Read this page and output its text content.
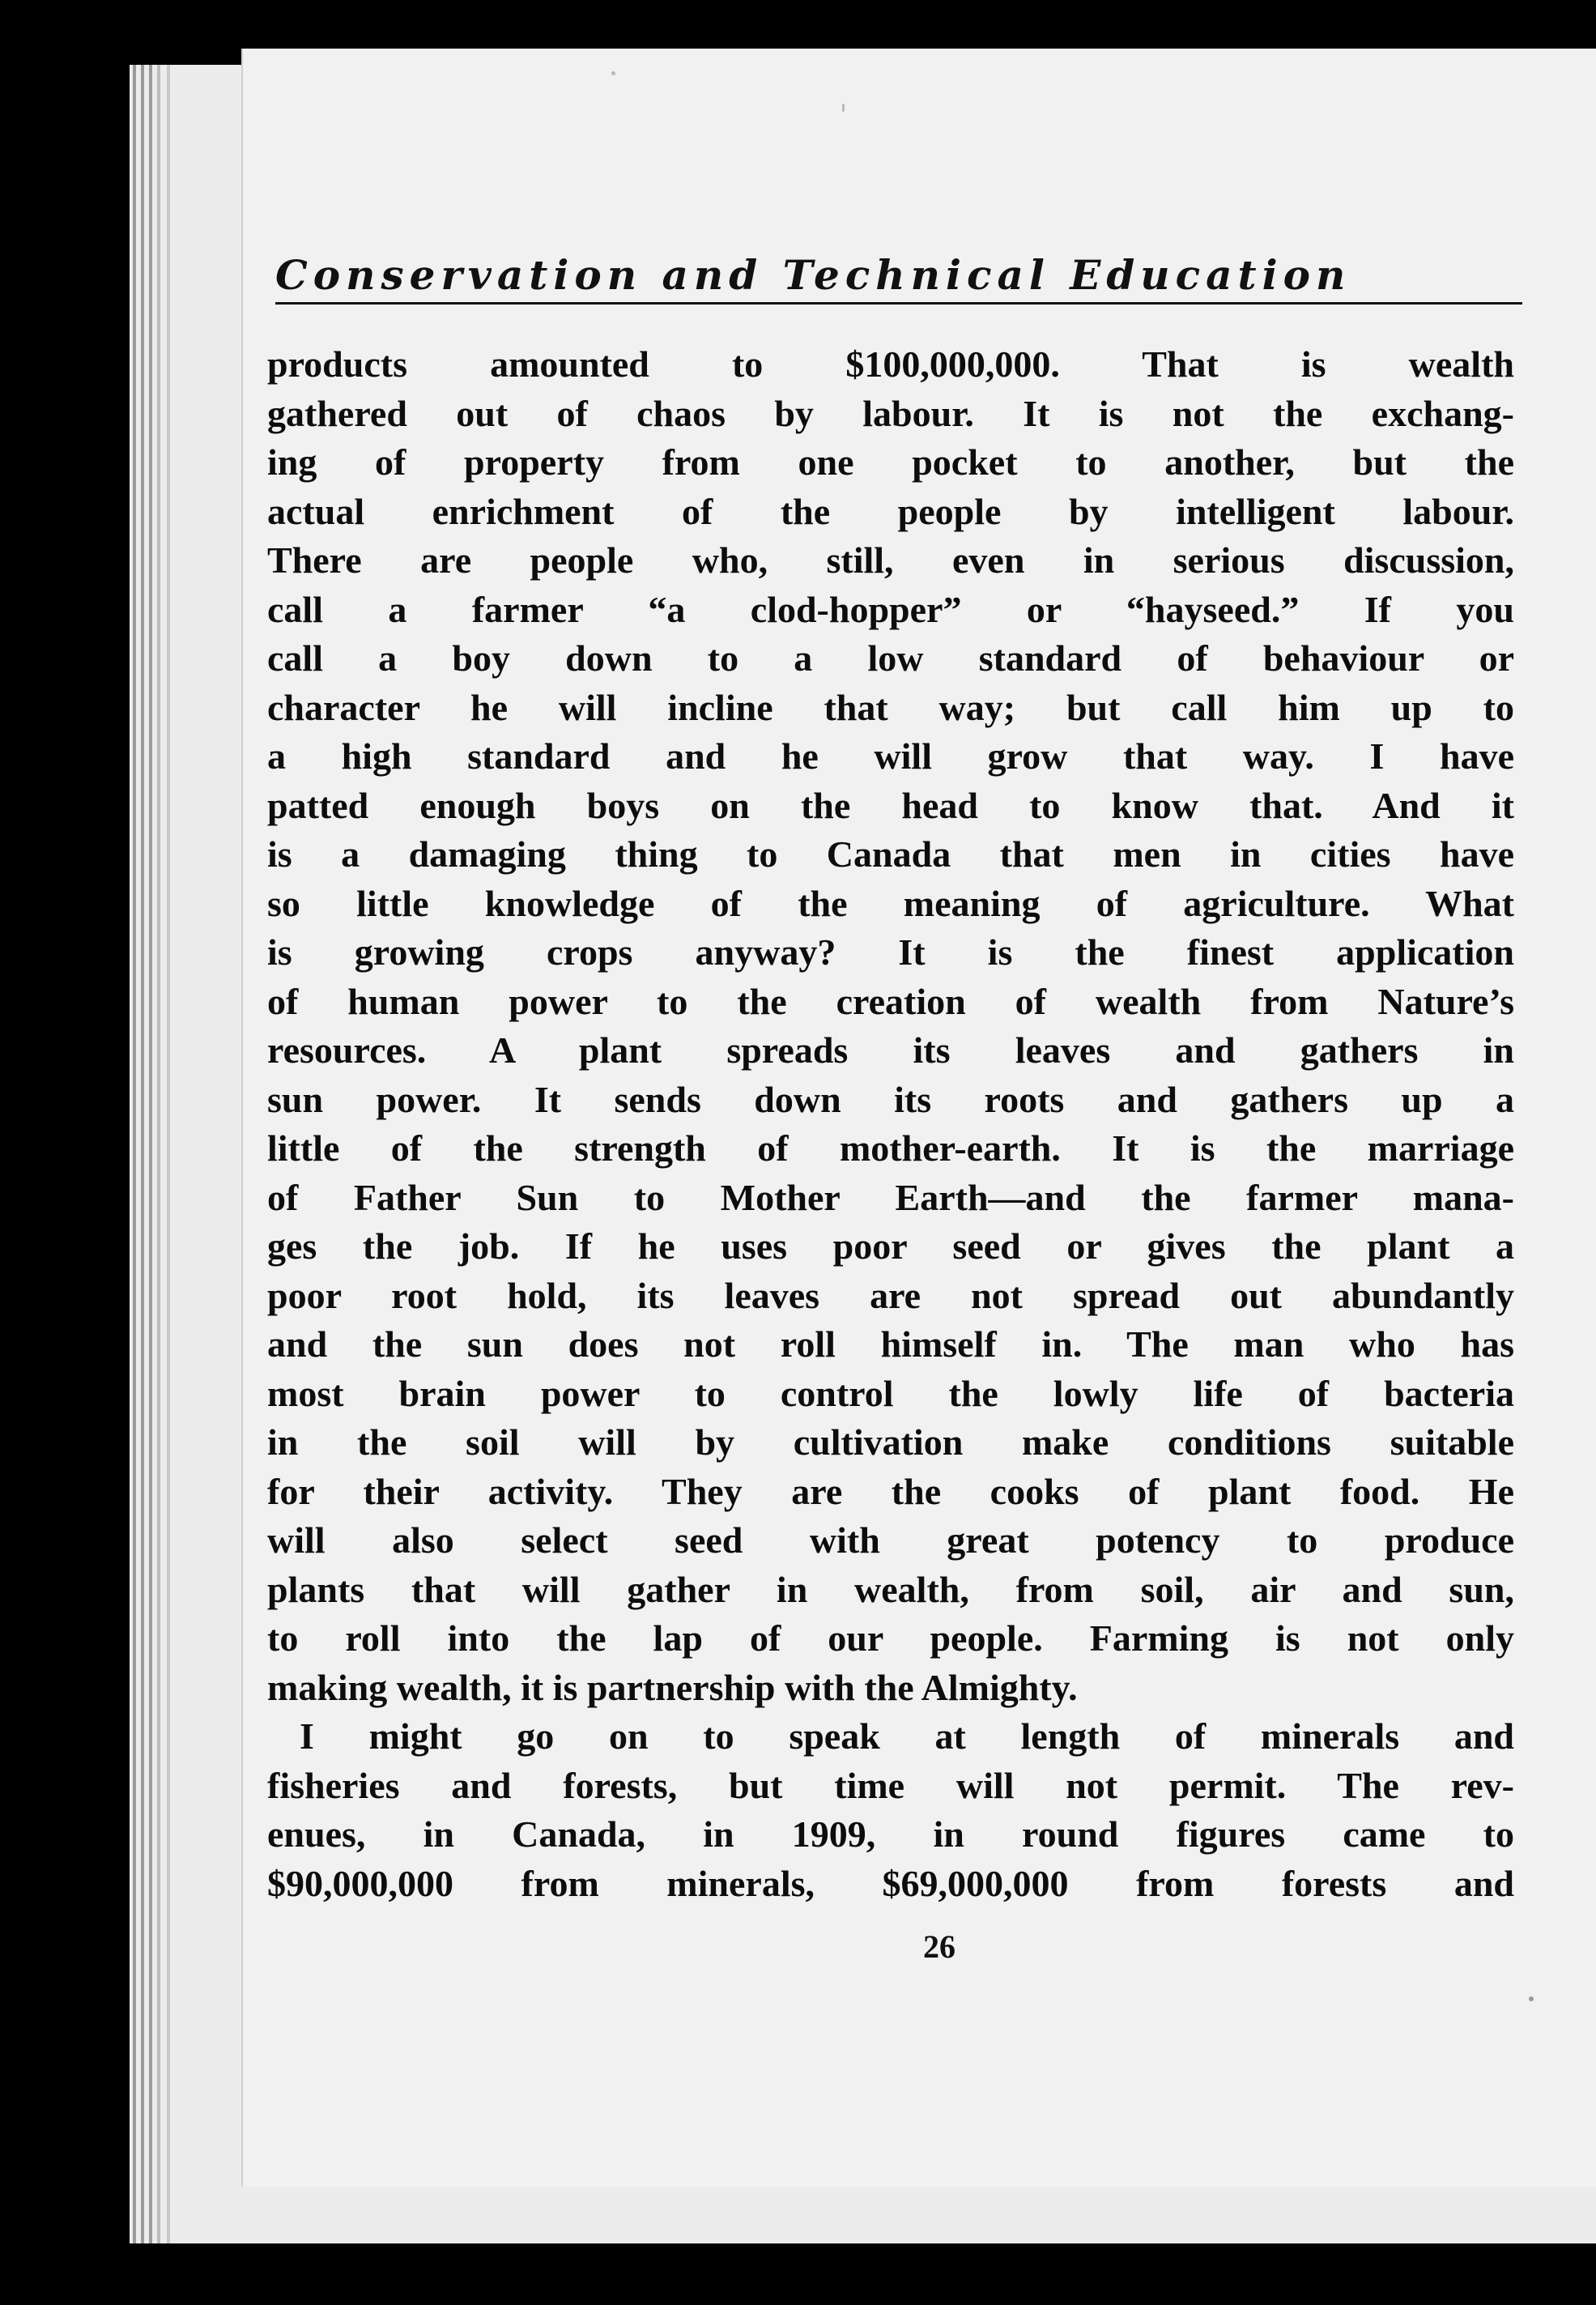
Conservation and Technical Education
products amounted to $100,000,000. That is wealth
gathered out of chaos by labour. It is not the exchang-
ing of property from one pocket to another, but the
actual enrichment of the people by intelligent labour.
There are people who, still, even in serious discussion,
call a farmer “a clod-hopper” or “hayseed.” If you
call a boy down to a low standard of behaviour or
character he will incline that way; but call him up to
a high standard and he will grow that way. I have
patted enough boys on the head to know that. And it
is a damaging thing to Canada that men in cities have
so little knowledge of the meaning of agriculture. What
is growing crops anyway? It is the finest application
of human power to the creation of wealth from Nature’s
resources. A plant spreads its leaves and gathers in
sun power. It sends down its roots and gathers up a
little of the strength of mother-earth. It is the marriage
of Father Sun to Mother Earth—and the farmer mana-
ges the job. If he uses poor seed or gives the plant a
poor root hold, its leaves are not spread out abundantly
and the sun does not roll himself in. The man who has
most brain power to control the lowly life of bacteria
in the soil will by cultivation make conditions suitable
for their activity. They are the cooks of plant food. He
will also select seed with great potency to produce
plants that will gather in wealth, from soil, air and sun,
to roll into the lap of our people. Farming is not only
making wealth, it is partnership with the Almighty.
I might go on to speak at length of minerals and
fisheries and forests, but time will not permit. The rev-
enues, in Canada, in 1909, in round figures came to
$90,000,000 from minerals, $69,000,000 from forests and
26
